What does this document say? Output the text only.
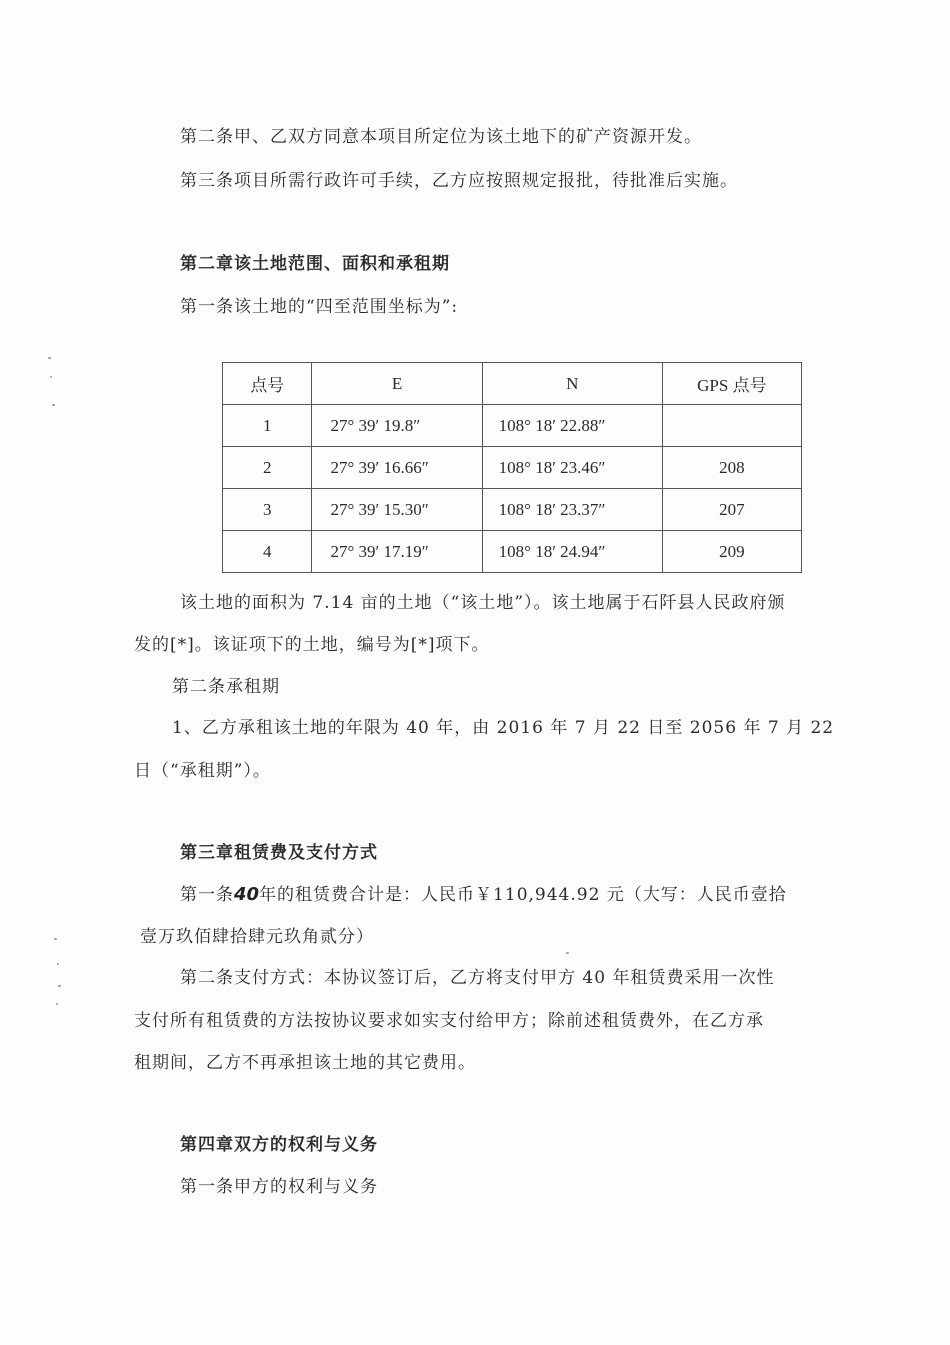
第二条甲、乙双方同意本项目所定位为该土地下的矿产资源开发。
第三条项目所需行政许可手续，乙方应按照规定报批，待批准后实施。
第二章该土地范围、面积和承租期
第一条该土地的“四至范围坐标为”:
点号	E	N	GPS 点号
1	27° 39′ 19.8″	108° 18′ 22.88″	
2	27° 39′ 16.66″	108° 18′ 23.46″	208
3	27° 39′ 15.30″	108° 18′ 23.37″	207
4	27° 39′ 17.19″	108° 18′ 24.94″	209
该土地的面积为 7.14 亩的土地（“该土地”）。该土地属于石阡县人民政府颁
发的[*]。该证项下的土地，编号为[*]项下。
第二条承租期
1、乙方承租该土地的年限为 40 年，由 2016 年 7 月 22 日至 2056 年 7 月 22
日（“承租期”）。
第三章租赁费及支付方式
第一条40年的租赁费合计是：人民币￥110,944.92 元（大写：人民币壹拾
壹万玖佰肆拾肆元玖角贰分）
第二条支付方式：本协议签订后，乙方将支付甲方 40 年租赁费采用一次性
支付所有租赁费的方法按协议要求如实支付给甲方；除前述租赁费外，在乙方承
租期间，乙方不再承担该土地的其它费用。
第四章双方的权利与义务
第一条甲方的权利与义务
